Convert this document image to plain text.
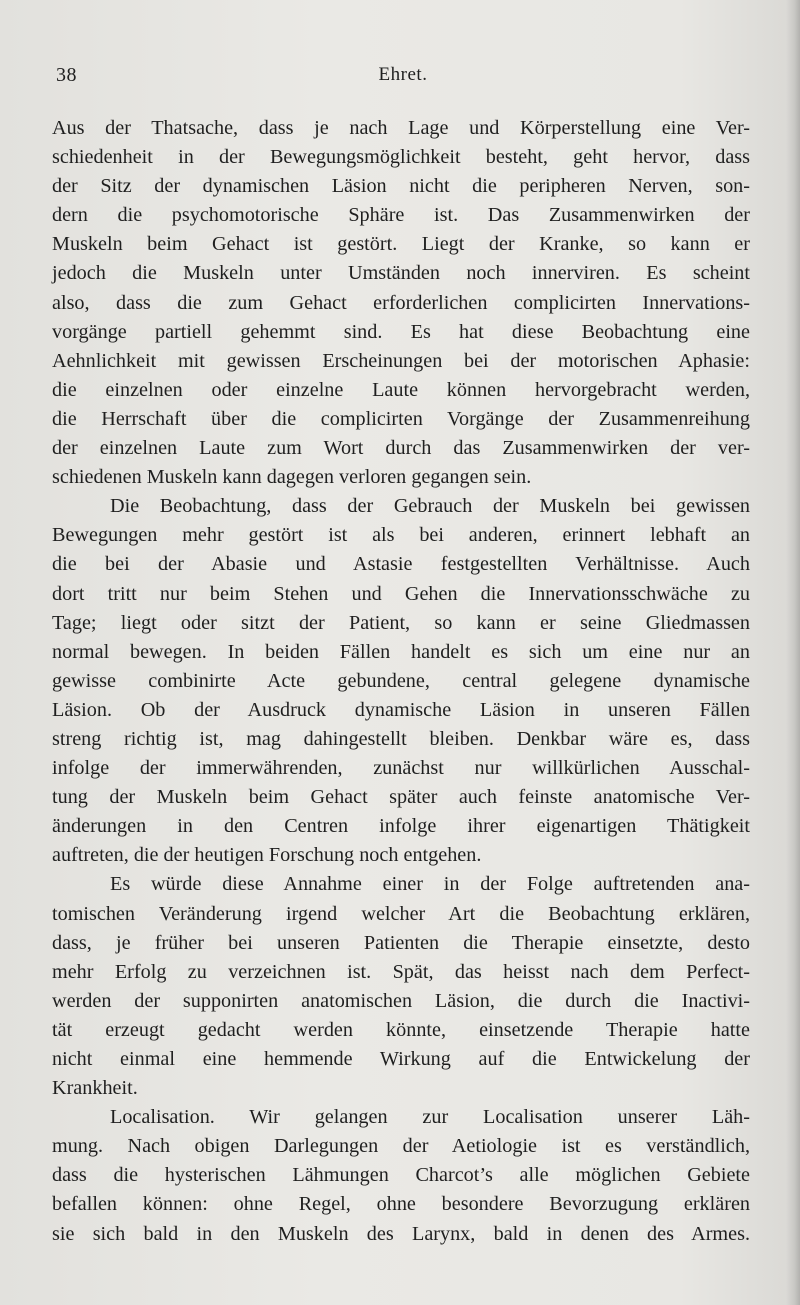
38	Ehret.

Aus der Thatsache, dass je nach Lage und Körperstellung eine Ver-
schiedenheit in der Bewegungsmöglichkeit besteht, geht hervor, dass
der Sitz der dynamischen Läsion nicht die peripheren Nerven, son-
dern die psychomotorische Sphäre ist. Das Zusammenwirken der
Muskeln beim Gehact ist gestört. Liegt der Kranke, so kann er
jedoch die Muskeln unter Umständen noch innerviren. Es scheint
also, dass die zum Gehact erforderlichen complicirten Innervations-
vorgänge partiell gehemmt sind. Es hat diese Beobachtung eine
Aehnlichkeit mit gewissen Erscheinungen bei der motorischen Aphasie:
die einzelnen oder einzelne Laute können hervorgebracht werden,
die Herrschaft über die complicirten Vorgänge der Zusammenreihung
der einzelnen Laute zum Wort durch das Zusammenwirken der ver-
schiedenen Muskeln kann dagegen verloren gegangen sein.

Die Beobachtung, dass der Gebrauch der Muskeln bei gewissen
Bewegungen mehr gestört ist als bei anderen, erinnert lebhaft an
die bei der Abasie und Astasie festgestellten Verhältnisse. Auch
dort tritt nur beim Stehen und Gehen die Innervationsschwäche zu
Tage; liegt oder sitzt der Patient, so kann er seine Gliedmassen
normal bewegen. In beiden Fällen handelt es sich um eine nur an
gewisse combinirte Acte gebundene, central gelegene dynamische
Läsion. Ob der Ausdruck dynamische Läsion in unseren Fällen
streng richtig ist, mag dahingestellt bleiben. Denkbar wäre es, dass
infolge der immerwährenden, zunächst nur willkürlichen Ausschal-
tung der Muskeln beim Gehact später auch feinste anatomische Ver-
änderungen in den Centren infolge ihrer eigenartigen Thätigkeit
auftreten, die der heutigen Forschung noch entgehen.

Es würde diese Annahme einer in der Folge auftretenden ana-
tomischen Veränderung irgend welcher Art die Beobachtung erklären,
dass, je früher bei unseren Patienten die Therapie einsetzte, desto
mehr Erfolg zu verzeichnen ist. Spät, das heisst nach dem Perfect-
werden der supponirten anatomischen Läsion, die durch die Inactivi-
tät erzeugt gedacht werden könnte, einsetzende Therapie hatte
nicht einmal eine hemmende Wirkung auf die Entwickelung der
Krankheit.

Localisation. Wir gelangen zur Localisation unserer Läh-
mung. Nach obigen Darlegungen der Aetiologie ist es verständlich,
dass die hysterischen Lähmungen Charcot’s alle möglichen Gebiete
befallen können: ohne Regel, ohne besondere Bevorzugung erklären
sie sich bald in den Muskeln des Larynx, bald in denen des Armes.
